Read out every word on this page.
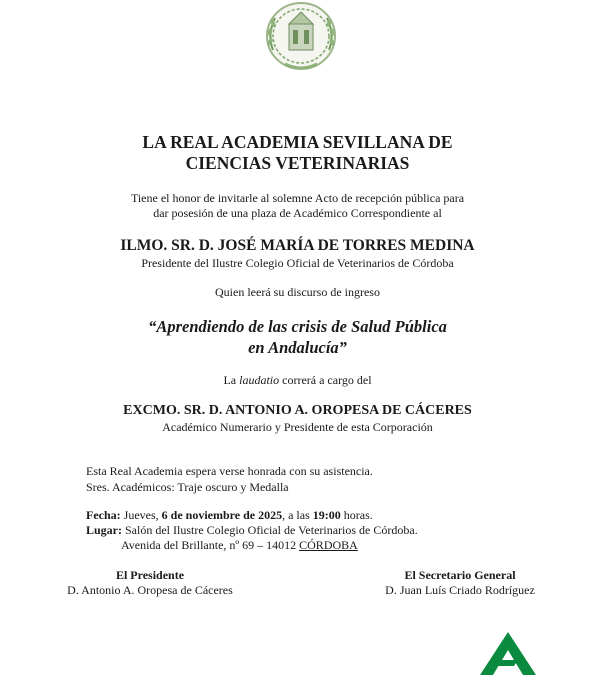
LA REAL ACADEMIA SEVILLANA DE
CIENCIAS VETERINARIAS
Tiene el honor de invitarle al solemne Acto de recepción pública para
dar posesión de una plaza de Académico Correspondiente al
ILMO. SR. D. JOSÉ MARÍA DE TORRES MEDINA
Presidente del Ilustre Colegio Oficial de Veterinarios de Córdoba
Quien leerá su discurso de ingreso
“Aprendiendo de las crisis de Salud Pública
en Andalucía”
La laudatio correrá a cargo del
EXCMO. SR. D. ANTONIO A. OROPESA DE CÁCERES
Académico Numerario y Presidente de esta Corporación
Esta Real Academia espera verse honrada con su asistencia.
Sres. Académicos: Traje oscuro y Medalla
Fecha: Jueves, 6 de noviembre de 2025, a las 19:00 horas.
Lugar: Salón del Ilustre Colegio Oficial de Veterinarios de Córdoba.
Avenida del Brillante, nº 69 – 14012 CÓRDOBA
El Presidente
D. Antonio A. Oropesa de Cáceres
El Secretario General
D. Juan Luís Criado Rodríguez
